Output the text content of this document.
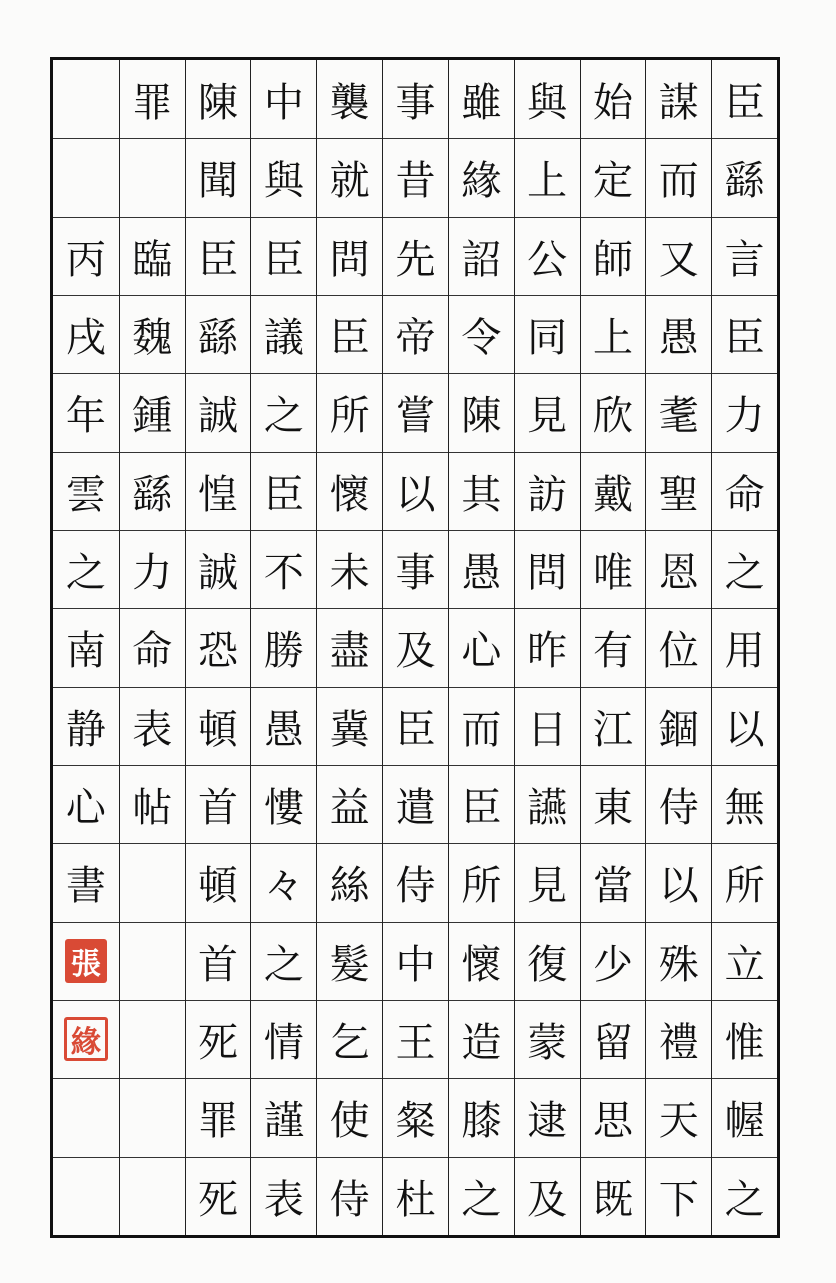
臣
繇
言
臣
力
命
之
用
以
無
所
立
惟
幄
之
謀
而
又
愚
耄
聖
恩
位
錮
侍
以
殊
禮
天
下
始
定
師
上
欣
戴
唯
有
江
東
當
少
留
思
既
與
上
公
同
見
訪
問
昨
日
讌
見
復
蒙
逮
及
雖
緣
詔
令
陳
其
愚
心
而
臣
所
懷
造
膝
之
事
昔
先
帝
嘗
以
事
及
臣
遣
侍
中
王
粲
杜
襲
就
問
臣
所
懷
未
盡
冀
益
絲
髮
乞
使
侍
中
與
臣
議
之
臣
不
勝
愚
慺
々
之
情
謹
表
陳
聞
臣
繇
誠
惶
誠
恐
頓
首
頓
首
死
罪
死
罪
臨
魏
鍾
繇
力
命
表
帖
丙
戌
年
雲
之
南
静
心
書
張
緣
